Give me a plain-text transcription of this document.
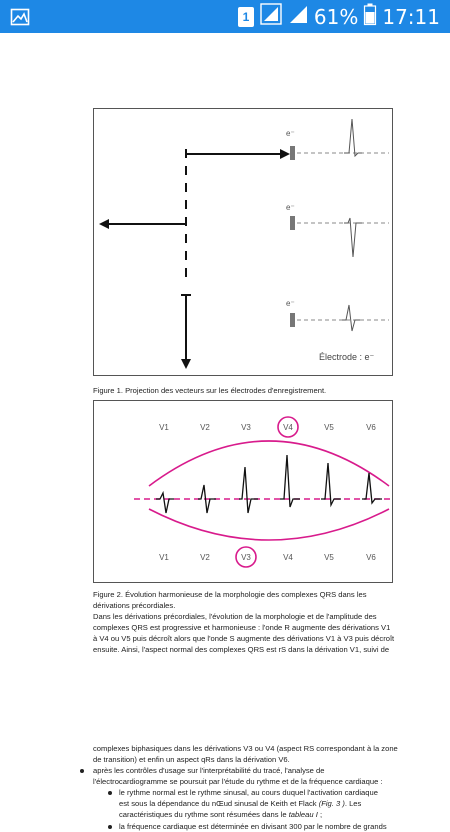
1	61% 17:11
e⁻
e⁻
e⁻
Électrode : e⁻
Figure 1. Projection des vecteurs sur les électrodes d'enregistrement.
V1	V2	V3	V4	V5	V6
V1	V2	V3	V4	V5	V6
Figure 2. Évolution harmonieuse de la morphologie des complexes QRS dans les
dérivations précordiales.
Dans les dérivations précordiales, l'évolution de la morphologie et de l'amplitude des
complexes QRS est progressive et harmonieuse : l'onde R augmente des dérivations V1
à V4 ou V5 puis décroît alors que l'onde S augmente des dérivations V1 à V3 puis décroît
ensuite. Ainsi, l'aspect normal des complexes QRS est rS dans la dérivation V1, suivi de
complexes biphasiques dans les dérivations V3 ou V4 (aspect RS correspondant à la zone
de transition) et enfin un aspect qRs dans la dérivation V6.
après les contrôles d'usage sur l'interprétabilité du tracé, l'analyse de
l'électrocardiogramme se poursuit par l'étude du rythme et de la fréquence cardiaque :
le rythme normal est le rythme sinusal, au cours duquel l'activation cardiaque
est sous la dépendance du nŒud sinusal de Keith et Flack (Fig. 3 ). Les
caractéristiques du rythme sont résumées dans le tableau I ;
la fréquence cardiaque est déterminée en divisant 300 par le nombre de grands
